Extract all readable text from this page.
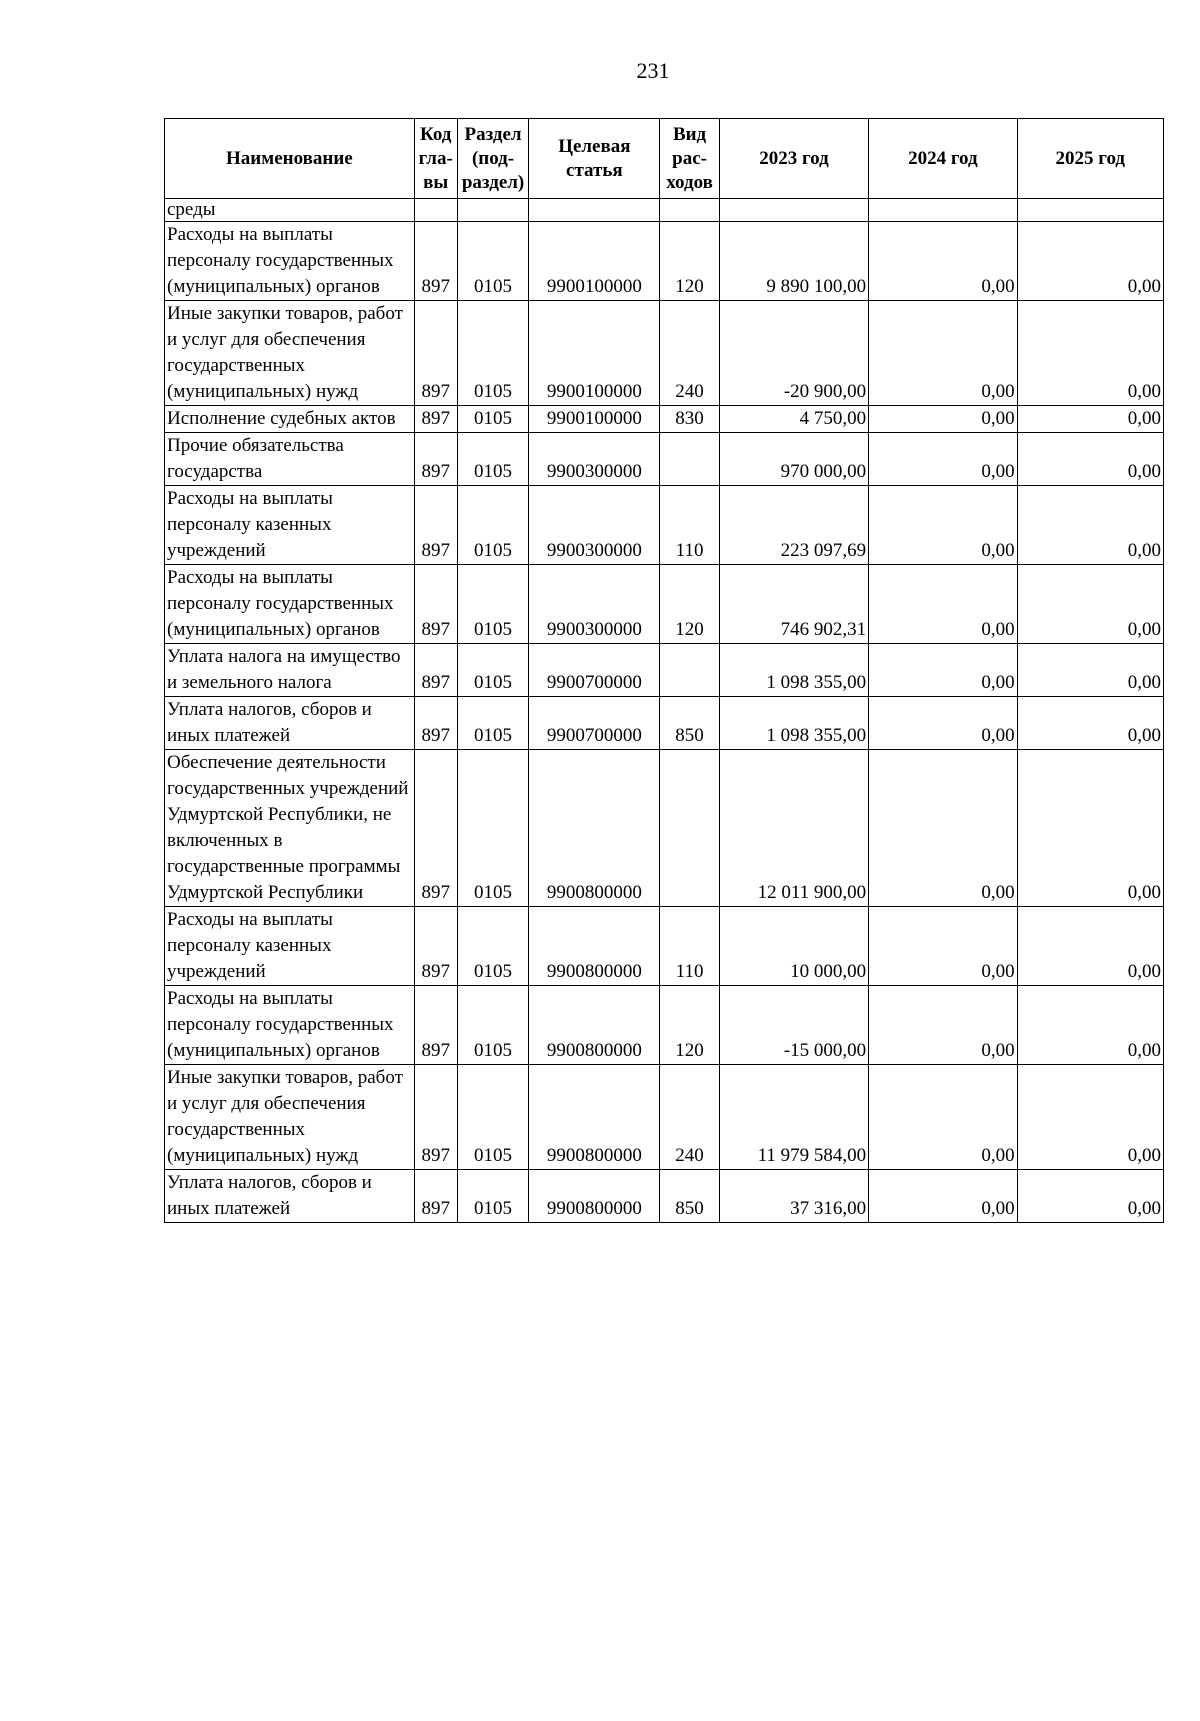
231
Наименование	Код гла-вы	Раздел (под-раздел)	Целевая статья	Вид рас-ходов	2023 год	2024 год	2025 год
среды							
Расходы на выплаты персоналу государственных (муниципальных) органов	897	0105	9900100000	120	9 890 100,00	0,00	0,00
Иные закупки товаров, работ и услуг для обеспечения государственных (муниципальных) нужд	897	0105	9900100000	240	-20 900,00	0,00	0,00
Исполнение судебных актов	897	0105	9900100000	830	4 750,00	0,00	0,00
Прочие обязательства государства	897	0105	9900300000		970 000,00	0,00	0,00
Расходы на выплаты персоналу казенных учреждений	897	0105	9900300000	110	223 097,69	0,00	0,00
Расходы на выплаты персоналу государственных (муниципальных) органов	897	0105	9900300000	120	746 902,31	0,00	0,00
Уплата налога на имущество и земельного налога	897	0105	9900700000		1 098 355,00	0,00	0,00
Уплата налогов, сборов и иных платежей	897	0105	9900700000	850	1 098 355,00	0,00	0,00
Обеспечение деятельности государственных учреждений Удмуртской Республики, не включенных в государственные программы Удмуртской Республики	897	0105	9900800000		12 011 900,00	0,00	0,00
Расходы на выплаты персоналу казенных учреждений	897	0105	9900800000	110	10 000,00	0,00	0,00
Расходы на выплаты персоналу государственных (муниципальных) органов	897	0105	9900800000	120	-15 000,00	0,00	0,00
Иные закупки товаров, работ и услуг для обеспечения государственных (муниципальных) нужд	897	0105	9900800000	240	11 979 584,00	0,00	0,00
Уплата налогов, сборов и иных платежей	897	0105	9900800000	850	37 316,00	0,00	0,00
